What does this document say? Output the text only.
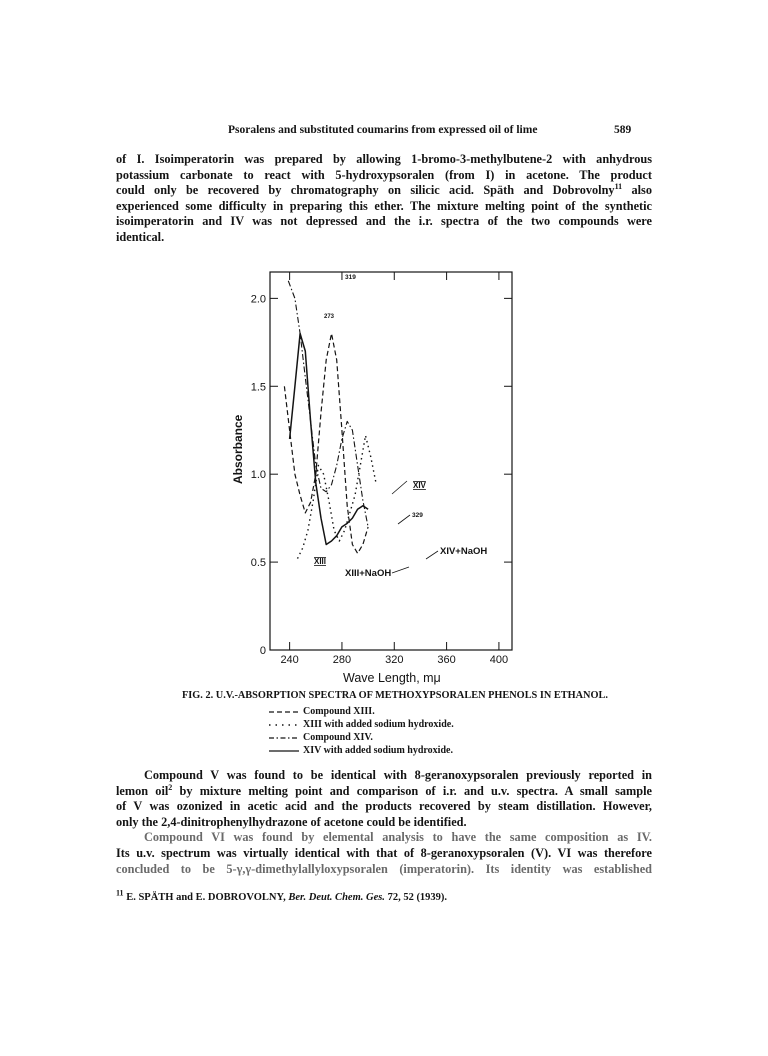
Psoralens and substituted coumarins from expressed oil of lime	589
of I. Isoimperatorin was prepared by allowing 1-bromo-3-methylbutene-2 with anhydrous
potassium carbonate to react with 5-hydroxypsoralen (from I) in acetone. The product
could only be recovered by chromatography on silicic acid. Späth and Dobrovolny$^{11}$ also
experienced some difficulty in preparing this ether. The mixture melting point of the synthetic
isoimperatorin and IV was not depressed and the i.r. spectra of the two compounds were
identical.
240	280	320	360	400
0
0.5
1.0
1.5
2.0
Wave Length, mμ
Absorbance
319
273
XIV
329
XIV+NaOH
XIII
XIII+NaOH
FIG. 2. U.V.-ABSORPTION SPECTRA OF METHOXYPSORALEN PHENOLS IN ETHANOL.
Compound XIII.
XIII with added sodium hydroxide.
Compound XIV.
XIV with added sodium hydroxide.
Compound V was found to be identical with 8-geranoxypsoralen previously reported in
lemon oil$^2$ by mixture melting point and comparison of i.r. and u.v. spectra. A small sample
of V was ozonized in acetic acid and the products recovered by steam distillation. However,
only the 2,4-dinitrophenylhydrazone of acetone could be identified.
Compound VI was found by elemental analysis to have the same composition as IV.
Its u.v. spectrum was virtually identical with that of 8-geranoxypsoralen (V). VI was therefore
concluded to be 5-γ,γ-dimethylallyloxypsoralen (imperatorin). Its identity was established
$^{11}$ E. SPÄTH and E. DOBROVOLNY, Ber. Deut. Chem. Ges. 72, 52 (1939).
